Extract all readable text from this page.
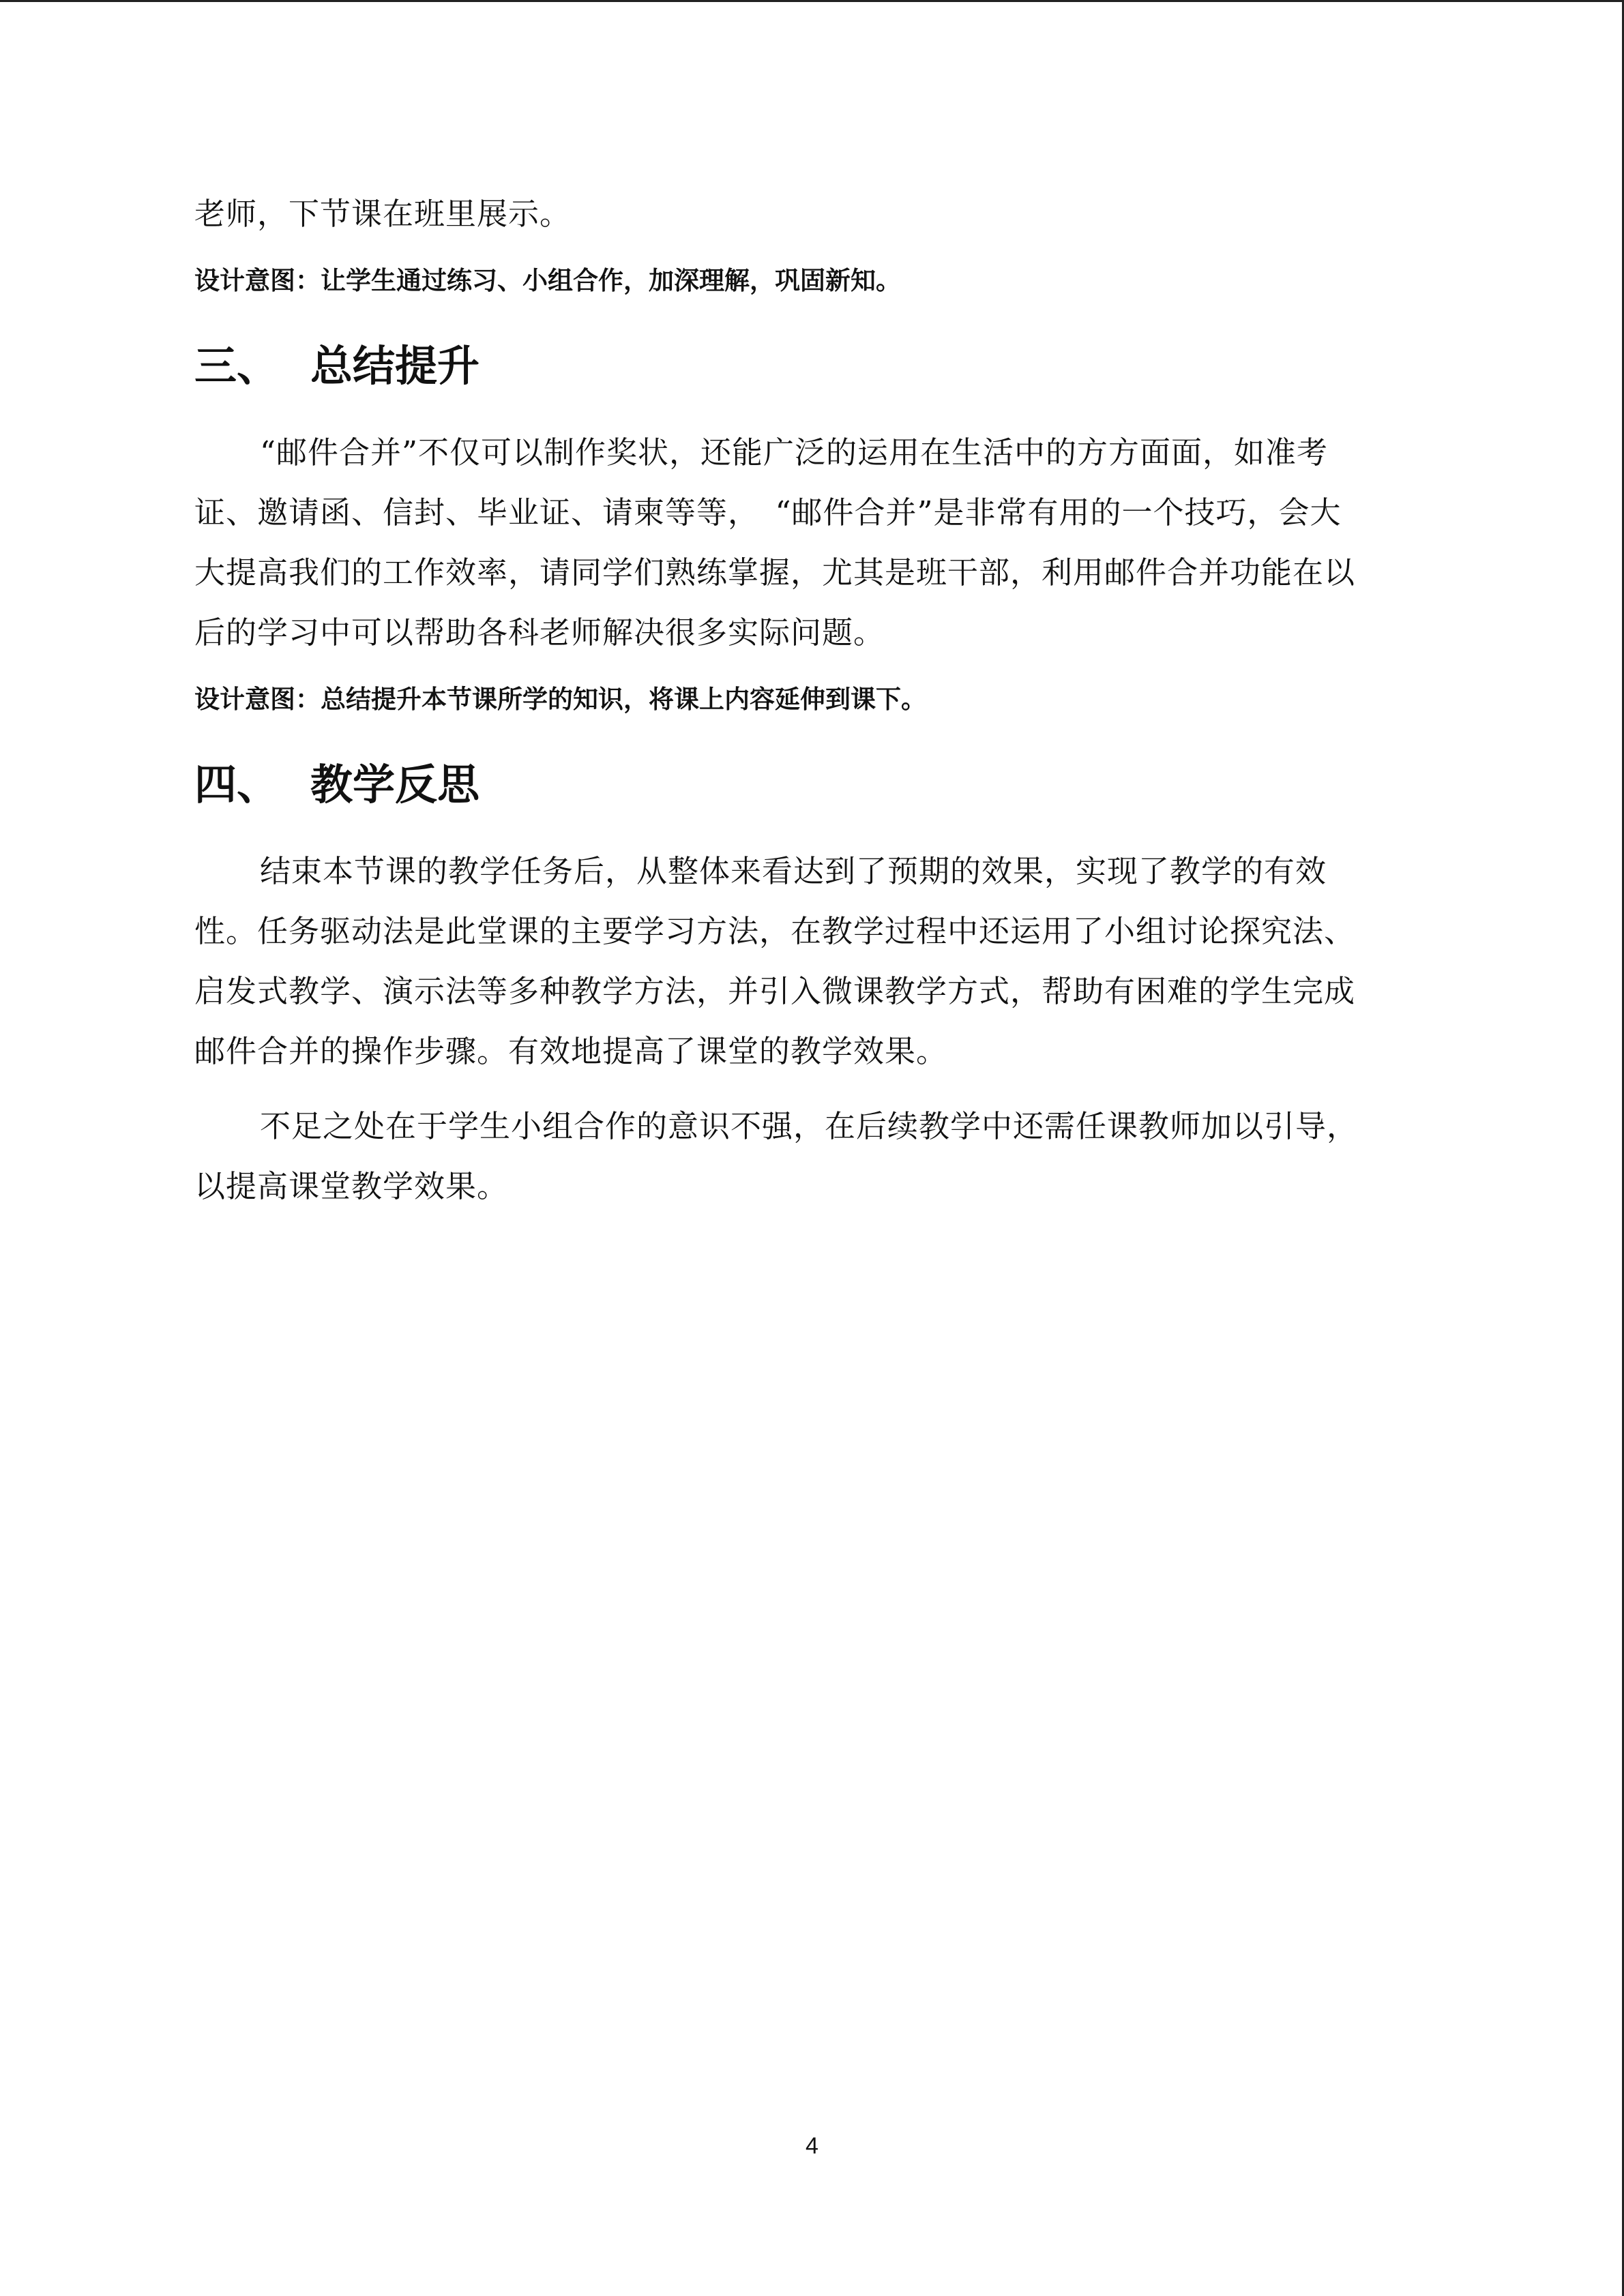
老师，下节课在班里展示。

设计意图：让学生通过练习、小组合作，加深理解，巩固新知。

三、 总结提升

“邮件合并”不仅可以制作奖状，还能广泛的运用在生活中的方方面面，如准考

证、邀请函、信封、毕业证、请柬等等，　“邮件合并”是非常有用的一个技巧，会大

大提高我们的工作效率，请同学们熟练掌握，尤其是班干部，利用邮件合并功能在以

后的学习中可以帮助各科老师解决很多实际问题。

设计意图：总结提升本节课所学的知识，将课上内容延伸到课下。

四、 教学反思

结束本节课的教学任务后，从整体来看达到了预期的效果，实现了教学的有效

性。任务驱动法是此堂课的主要学习方法，在教学过程中还运用了小组讨论探究法、

启发式教学、演示法等多种教学方法，并引入微课教学方式，帮助有困难的学生完成

邮件合并的操作步骤。有效地提高了课堂的教学效果。

不足之处在于学生小组合作的意识不强，在后续教学中还需任课教师加以引导，

以提高课堂教学效果。

4
